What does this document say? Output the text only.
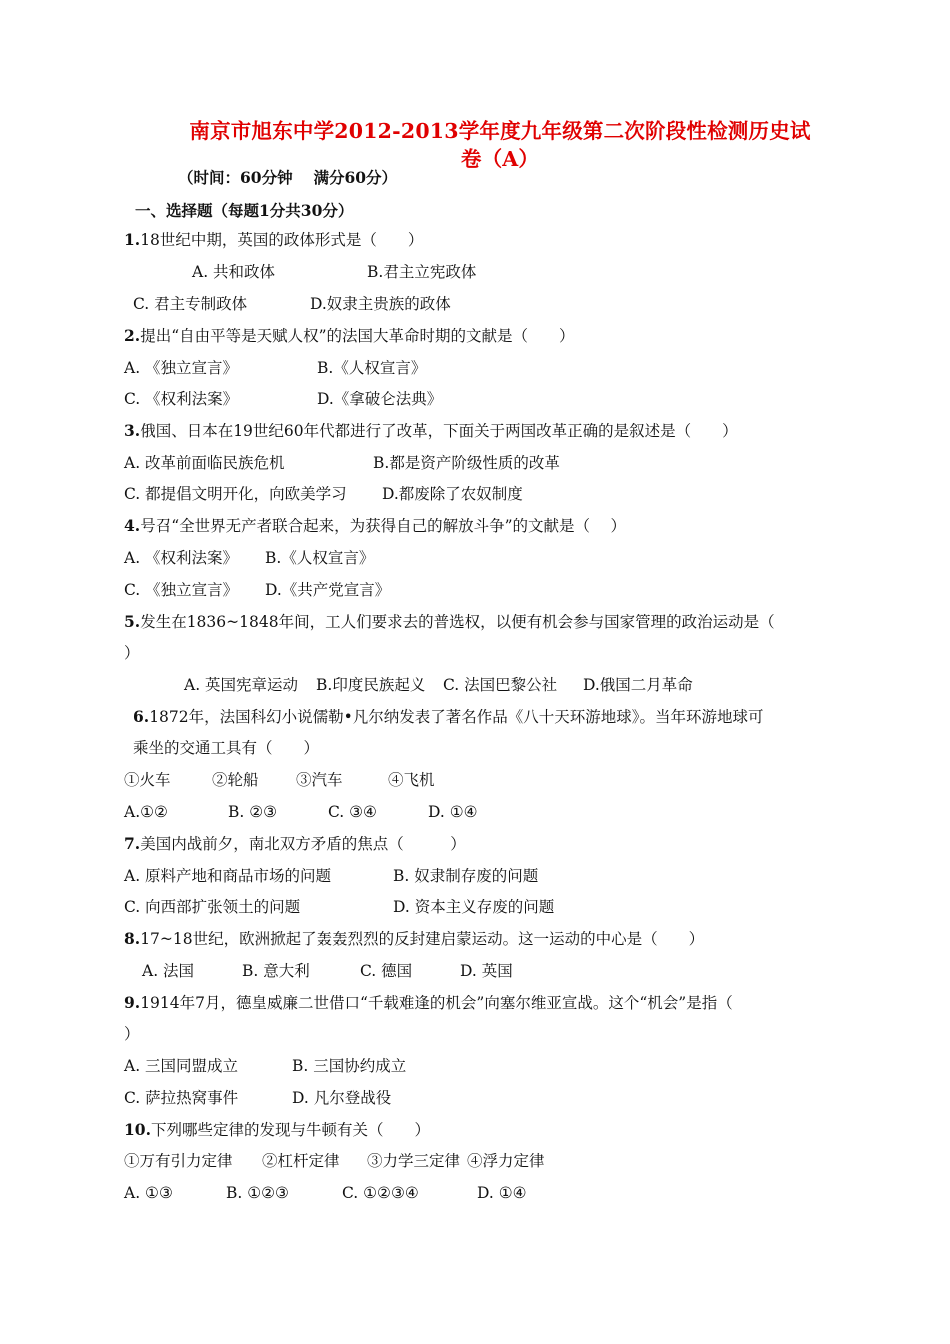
南京市旭东中学2012-2013学年度九年级第二次阶段性检测历史试
卷（A）
（时间：60分钟　 满分60分）
一、选择题（每题1分共30分）
1.18世纪中期，英国的政体形式是（　　）
A. 共和政体	B.君主立宪政体
C. 君主专制政体	D.奴隶主贵族的政体
2.提出“自由平等是天赋人权”的法国大革命时期的文献是（　　）
A. 《独立宣言》	B.《人权宣言》
C. 《权利法案》	D.《拿破仑法典》
3.俄国、日本在19世纪60年代都进行了改革，下面关于两国改革正确的是叙述是（　　）
A. 改革前面临民族危机	B.都是资产阶级性质的改革
C. 都提倡文明开化，向欧美学习 D.都废除了农奴制度
4.号召“全世界无产者联合起来，为获得自己的解放斗争”的文献是（　 ）
A. 《权利法案》 B.《人权宣言》
C. 《独立宣言》 D.《共产党宣言》
5.发生在1836~1848年间，工人们要求去的普选权，以便有机会参与国家管理的政治运动是（
）
A. 英国宪章运动 B.印度民族起义 C. 法国巴黎公社 D.俄国二月革命
6.1872年，法国科幻小说儒勒•凡尔纳发表了著名作品《八十天环游地球》。当年环游地球可
乘坐的交通工具有（　　）
①火车	②轮船 ③汽车	④飞机
A.①②	B. ②③	C. ③④	D. ①④
7.美国内战前夕，南北双方矛盾的焦点（　　　）
A. 原料产地和商品市场的问题	B. 奴隶制存废的问题
C. 向西部扩张领土的问题	D. 资本主义存废的问题
8.17~18世纪，欧洲掀起了轰轰烈烈的反封建启蒙运动。这一运动的中心是（　　）
A. 法国	B. 意大利	C. 德国	D. 英国
9.1914年7月，德皇威廉二世借口“千载难逢的机会”向塞尔维亚宣战。这个“机会”是指（
）
A. 三国同盟成立	B. 三国协约成立
C. 萨拉热窝事件	D. 凡尔登战役
10.下列哪些定律的发现与牛顿有关（　　）
①万有引力定律 ②杠杆定律 ③力学三定律 ④浮力定律
A. ①③	B. ①②③	C. ①②③④	D. ①④
